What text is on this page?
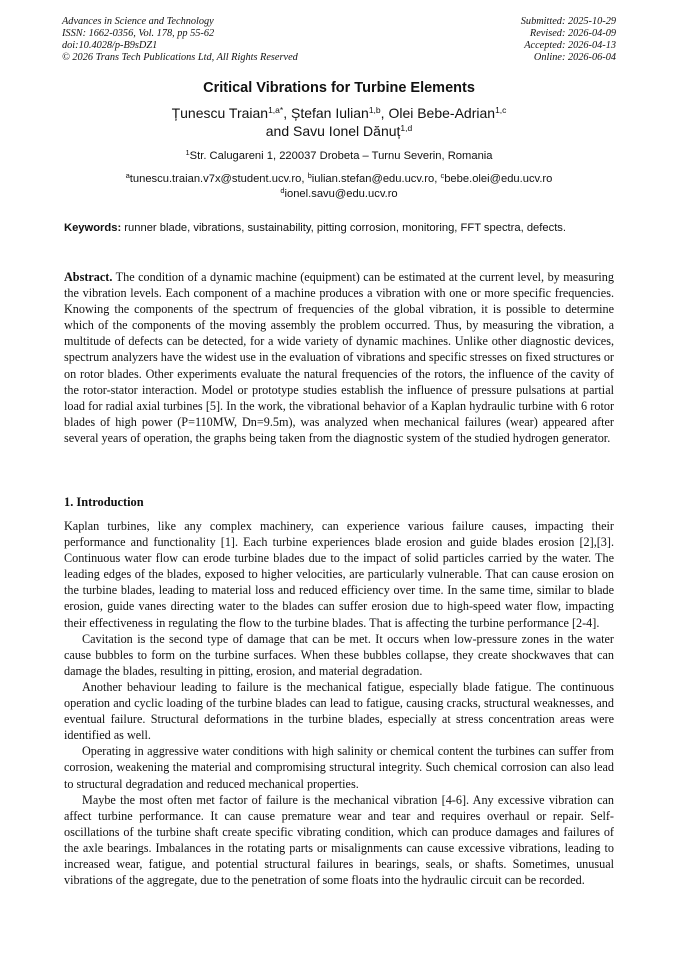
Advances in Science and Technology
ISSN: 1662-0356, Vol. 178, pp 55-62
doi:10.4028/p-B9sDZ1
© 2026 Trans Tech Publications Ltd, All Rights Reserved
Submitted: 2025-10-29
Revised: 2026-04-09
Accepted: 2026-04-13
Online: 2026-06-04
Critical Vibrations for Turbine Elements
Țunescu Traian$^{1,a*}$, Ștefan Iulian$^{1,b}$, Olei Bebe-Adrian$^{1,c}$
and Savu Ionel Dănuț$^{1,d}$
$^1$Str. Calugareni 1, 220037 Drobeta – Turnu Severin, Romania
$^a$tunescu.traian.v7x@student.ucv.ro, $^b$iulian.stefan@edu.ucv.ro, $^c$bebe.olei@edu.ucv.ro
$^d$ionel.savu@edu.ucv.ro
Keywords: runner blade, vibrations, sustainability, pitting corrosion, monitoring, FFT spectra, defects.
Abstract. The condition of a dynamic machine (equipment) can be estimated at the current level, by measuring the vibration levels. Each component of a machine produces a vibration with one or more specific frequencies. Knowing the components of the spectrum of frequencies of the global vibration, it is possible to determine which of the components of the moving assembly the problem occurred. Thus, by measuring the vibration, a multitude of defects can be detected, for a wide variety of dynamic machines. Unlike other diagnostic devices, spectrum analyzers have the widest use in the evaluation of vibrations and specific stresses on fixed structures or on rotor blades. Other experiments evaluate the natural frequencies of the rotors, the influence of the cavity of the rotor-stator interaction. Model or prototype studies establish the influence of pressure pulsations at partial load for radial axial turbines [5]. In the work, the vibrational behavior of a Kaplan hydraulic turbine with 6 rotor blades of high power (P=110MW, Dn=9.5m), was analyzed when mechanical failures (wear) appeared after several years of operation, the graphs being taken from the diagnostic system of the studied hydrogen generator.
1. Introduction

Kaplan turbines, like any complex machinery, can experience various failure causes, impacting their performance and functionality [1]. Each turbine experiences blade erosion and guide blades erosion [2],[3]. Continuous water flow can erode turbine blades due to the impact of solid particles carried by the water. The leading edges of the blades, exposed to higher velocities, are particularly vulnerable. That can cause erosion on the turbine blades, leading to material loss and reduced efficiency over time. In the same time, similar to blade erosion, guide vanes directing water to the blades can suffer erosion due to high-speed water flow, impacting their effectiveness in regulating the flow to the turbine blades. That is affecting the turbine performance [2-4].

Cavitation is the second type of damage that can be met. It occurs when low-pressure zones in the water cause bubbles to form on the turbine surfaces. When these bubbles collapse, they create shockwaves that can damage the blades, resulting in pitting, erosion, and material degradation.

Another behaviour leading to failure is the mechanical fatigue, especially blade fatigue. The continuous operation and cyclic loading of the turbine blades can lead to fatigue, causing cracks, structural weaknesses, and eventual failure. Structural deformations in the turbine blades, especially at stress concentration areas were identified as well.

Operating in aggressive water conditions with high salinity or chemical content the turbines can suffer from corrosion, weakening the material and compromising structural integrity. Such chemical corrosion can also lead to structural degradation and reduced mechanical properties.

Maybe the most often met factor of failure is the mechanical vibration [4-6]. Any excessive vibration can affect turbine performance. It can cause premature wear and tear and requires overhaul or repair. Self-oscillations of the turbine shaft create specific vibrating condition, which can produce damages and failures of the axle bearings. Imbalances in the rotating parts or misalignments can cause excessive vibrations, leading to increased wear, fatigue, and potential structural failures in bearings, seals, or shafts. Sometimes, unusual vibrations of the aggregate, due to the penetration of some floats into the hydraulic circuit can be recorded.
